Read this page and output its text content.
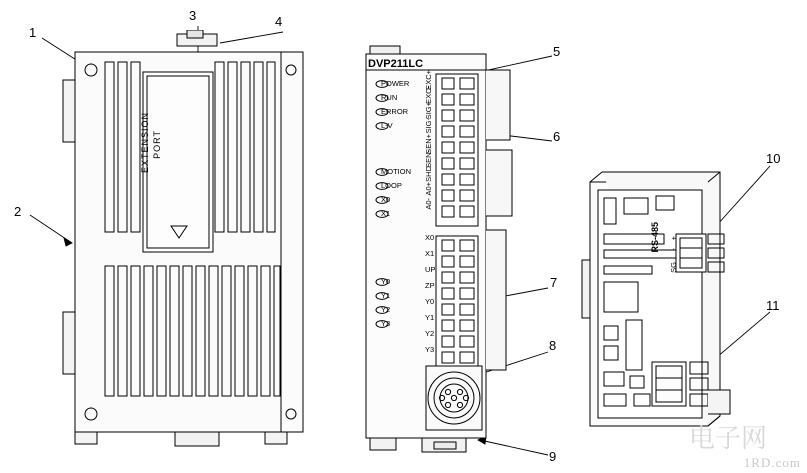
1
2
3	4
5
6
7
8
9
10
11
EXTENSION PORT
DVP211LC
POWER
RUN
ERROR
L-V
MOTION
LOOP
X0
X1
Y0
Y1
Y2
Y3
EXC+
EXC-
SIG+
SIG-
SEN+
SEN-
SHD
A0+
A0-
X0
X1
UP
ZP
Y0
Y1
Y2
Y3
RS-485 +
-
SG
电子网
1RD.com
